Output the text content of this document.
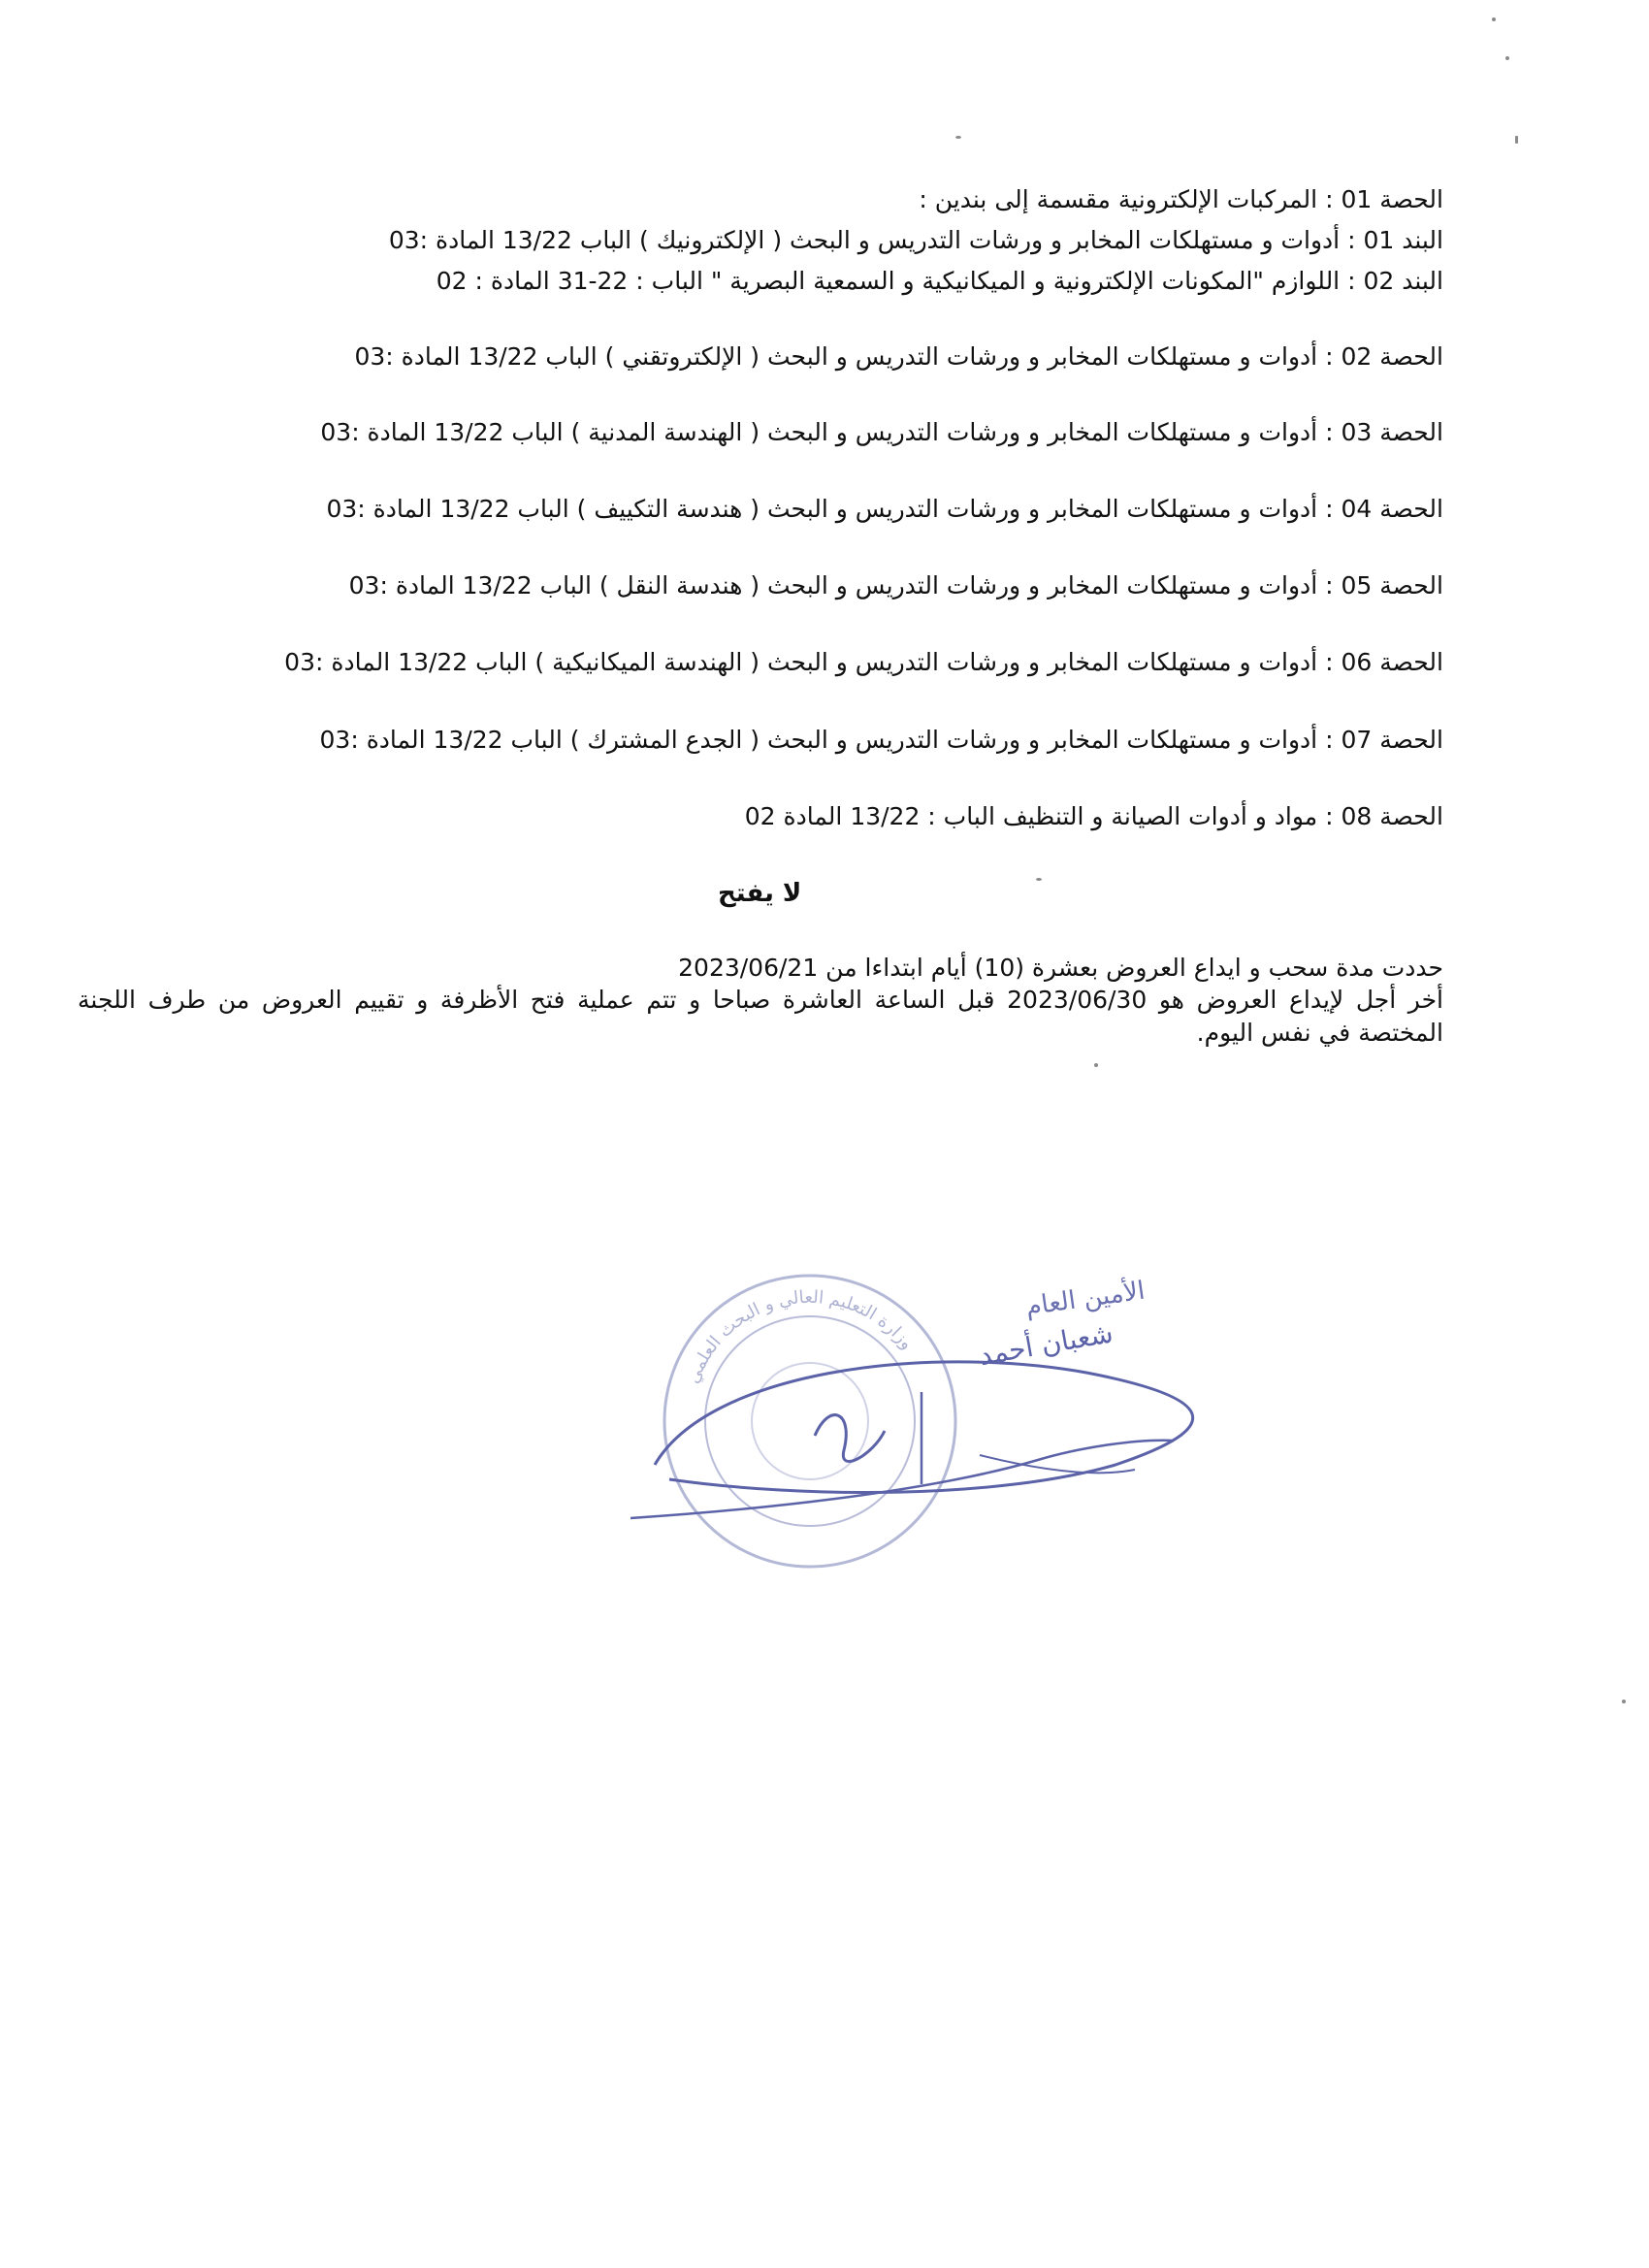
الحصة 01 : المركبات الإلكترونية مقسمة إلى بندين :
البند 01 : أدوات و مستهلكات المخابر و ورشات التدريس و البحث ( الإلكترونيك ) الباب 13/22 المادة :03
البند 02 : اللوازم "المكونات الإلكترونية و الميكانيكية و السمعية البصرية " الباب : 22-31 المادة : 02
الحصة 02 : أدوات و مستهلكات المخابر و ورشات التدريس و البحث ( الإلكتروتقني ) الباب 13/22 المادة :03
الحصة 03 : أدوات و مستهلكات المخابر و ورشات التدريس و البحث ( الهندسة المدنية ) الباب 13/22 المادة :03
الحصة 04 : أدوات و مستهلكات المخابر و ورشات التدريس و البحث ( هندسة التكييف ) الباب 13/22 المادة :03
الحصة 05 : أدوات و مستهلكات المخابر و ورشات التدريس و البحث ( هندسة النقل ) الباب 13/22 المادة :03
الحصة 06 : أدوات و مستهلكات المخابر و ورشات التدريس و البحث ( الهندسة الميكانيكية ) الباب 13/22 المادة :03
الحصة 07 : أدوات و مستهلكات المخابر و ورشات التدريس و البحث ( الجدع المشترك ) الباب 13/22 المادة :03
الحصة 08 : مواد و أدوات الصيانة و التنظيف الباب : 13/22 المادة 02
لا يفتح
حددت مدة سحب و ايداع العروض بعشرة (10) أيام ابتداءا من 2023/06/21
أخر أجل لإيداع العروض هو 2023/06/30 قبل الساعة العاشرة صباحا و تتم عملية فتح الأظرفة و تقييم العروض من طرف اللجنة المختصة في نفس اليوم.
وزارة التعليم العالي و البحث العلمي
الأمين العام
شعبان أحمد
